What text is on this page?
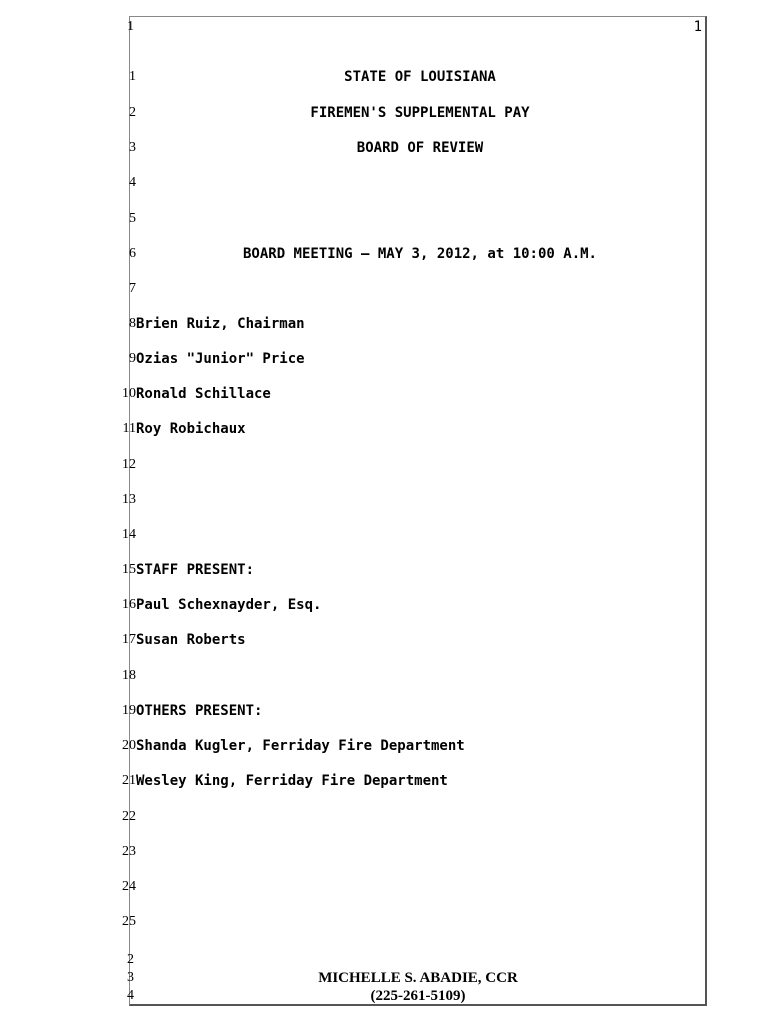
1	1
1	STATE OF LOUISIANA
2	FIREMEN'S SUPPLEMENTAL PAY
3	BOARD OF REVIEW
4
5
6	BOARD MEETING – MAY 3, 2012, at 10:00 A.M.
7
8 Brien Ruiz, Chairman
9 Ozias "Junior" Price
10 Ronald Schillace
11 Roy Robichaux
12
13
14
15 STAFF PRESENT:
16 Paul Schexnayder, Esq.
17 Susan Roberts
18
19 OTHERS PRESENT:
20 Shanda Kugler, Ferriday Fire Department
21 Wesley King, Ferriday Fire Department
22
23
24
25
2
3
4
MICHELLE S. ABADIE, CCR
(225-261-5109)
